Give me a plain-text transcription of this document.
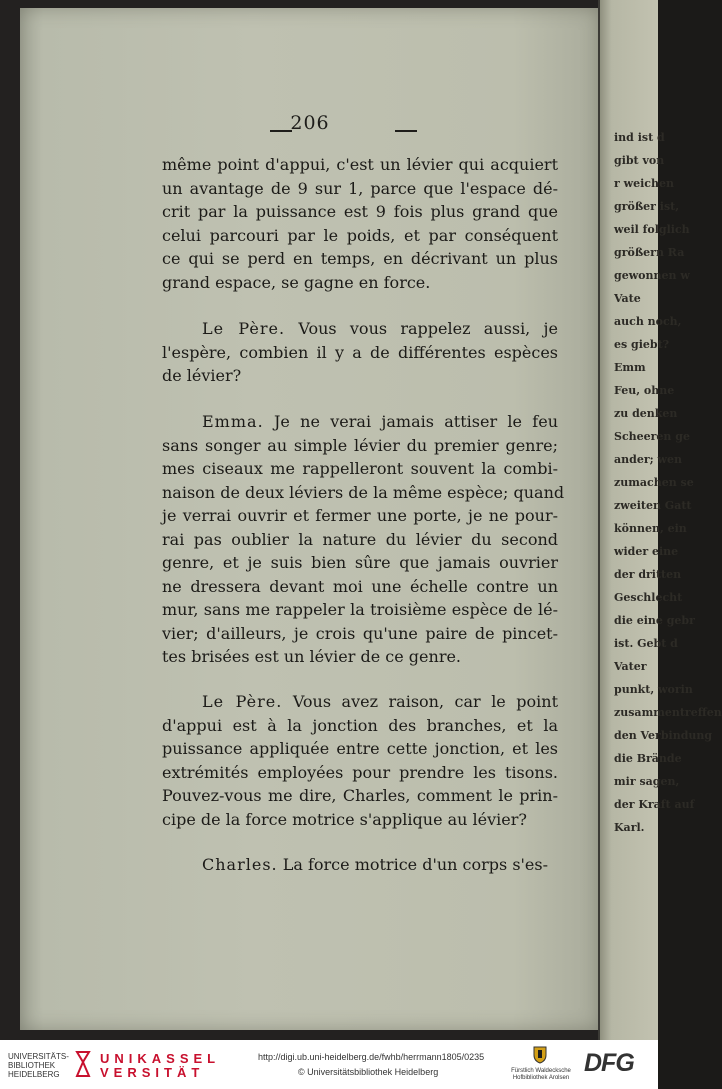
206
même point d'appui, c'est un lévier qui acquiert
un avantage de 9 sur 1, parce que l'espace dé-
crit par la puissance est 9 fois plus grand que
celui parcouri par le poids, et par conséquent
ce qui se perd en temps, en décrivant un plus
grand espace, se gagne en force.
Le Père. Vous vous rappelez aussi, je
l'espère, combien il y a de différentes espèces
de lévier?
Emma. Je ne verai jamais attiser le feu
sans songer au simple lévier du premier genre;
mes ciseaux me rappelleront souvent la combi-
naison de deux léviers de la même espèce; quand
je verrai ouvrir et fermer une porte, je ne pour-
rai pas oublier la nature du lévier du second
genre, et je suis bien sûre que jamais ouvrier
ne dressera devant moi une échelle contre un
mur, sans me rappeler la troisième espèce de lé-
vier; d'ailleurs, je crois qu'une paire de pincet-
tes brisées est un lévier de ce genre.
Le Père. Vous avez raison, car le point
d'appui est à la jonction des branches, et la
puissance appliquée entre cette jonction, et les
extrémités employées pour prendre les tisons.
Pouvez-vous me dire, Charles, comment le prin-
cipe de la force motrice s'applique au lévier?
Charles. La force motrice d'un corps s'es-
ind ist d
gibt von
r weichen
größer ist,
weil folglich
größern Ra
gewonnen w
Vate
auch noch,
es giebt?
Emm
Feu, ohne
zu denken
Scheeren ge
ander; wen
zumachen se
zweiten Gatt
können, ein
wider eine
der dritten
Geschlecht
die eine gebr
ist. Gebt d
Vater
punkt, worin
zusammentreffen
den Verbindung
die Brände
mir sagen,
der Kraft auf
Karl.
UNIVERSITÄTS-
BIBLIOTHEK
HEIDELBERG
UNIKASSEL
VERSITÄT
http://digi.ub.uni-heidelberg.de/fwhb/herrmann1805/0235
© Universitätsbibliothek Heidelberg	Fürstlich Waldecksche
Hofbibliothek Arolsen
DFG
